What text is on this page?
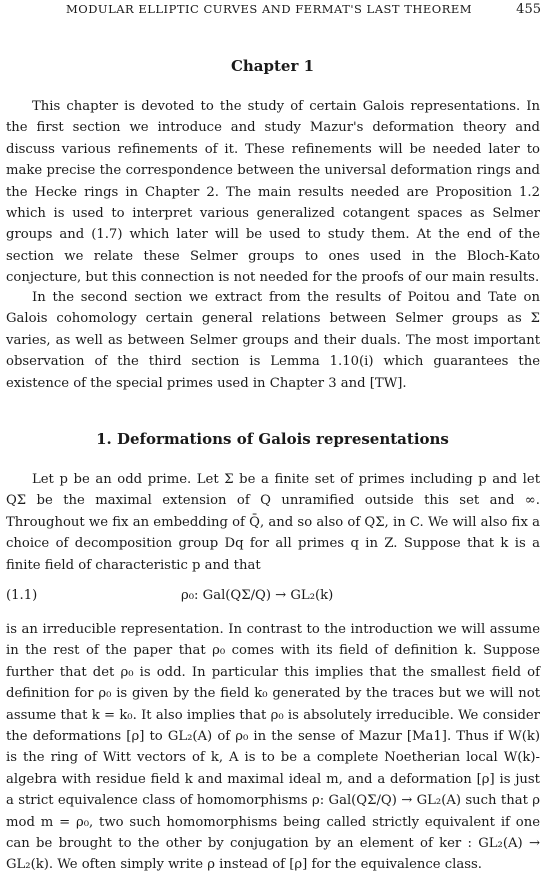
MODULAR ELLIPTIC CURVES AND FERMAT'S LAST THEOREM	455
Chapter 1

This chapter is devoted to the study of certain Galois representations. In the first section we introduce and study Mazur's deformation theory and discuss various refinements of it. These refinements will be needed later to make precise the correspondence between the universal deformation rings and the Hecke rings in Chapter 2. The main results needed are Proposition 1.2 which is used to interpret various generalized cotangent spaces as Selmer groups and (1.7) which later will be used to study them. At the end of the section we relate these Selmer groups to ones used in the Bloch-Kato conjecture, but this connection is not needed for the proofs of our main results.

In the second section we extract from the results of Poitou and Tate on Galois cohomology certain general relations between Selmer groups as Σ varies, as well as between Selmer groups and their duals. The most important observation of the third section is Lemma 1.10(i) which guarantees the existence of the special primes used in Chapter 3 and [TW].

1. Deformations of Galois representations

Let p be an odd prime. Let Σ be a finite set of primes including p and let QΣ be the maximal extension of Q unramified outside this set and ∞. Throughout we fix an embedding of Q̄, and so also of QΣ, in C. We will also fix a choice of decomposition group Dq for all primes q in Z. Suppose that k is a finite field of characteristic p and that

(1.1)	ρ₀: Gal(QΣ/Q) → GL₂(k)

is an irreducible representation. In contrast to the introduction we will assume in the rest of the paper that ρ₀ comes with its field of definition k. Suppose further that det ρ₀ is odd. In particular this implies that the smallest field of definition for ρ₀ is given by the field k₀ generated by the traces but we will not assume that k = k₀. It also implies that ρ₀ is absolutely irreducible. We consider the deformations [ρ] to GL₂(A) of ρ₀ in the sense of Mazur [Ma1]. Thus if W(k) is the ring of Witt vectors of k, A is to be a complete Noetherian local W(k)-algebra with residue field k and maximal ideal m, and a deformation [ρ] is just a strict equivalence class of homomorphisms ρ: Gal(QΣ/Q) → GL₂(A) such that ρ mod m = ρ₀, two such homomorphisms being called strictly equivalent if one can be brought to the other by conjugation by an element of ker : GL₂(A) → GL₂(k). We often simply write ρ instead of [ρ] for the equivalence class.
